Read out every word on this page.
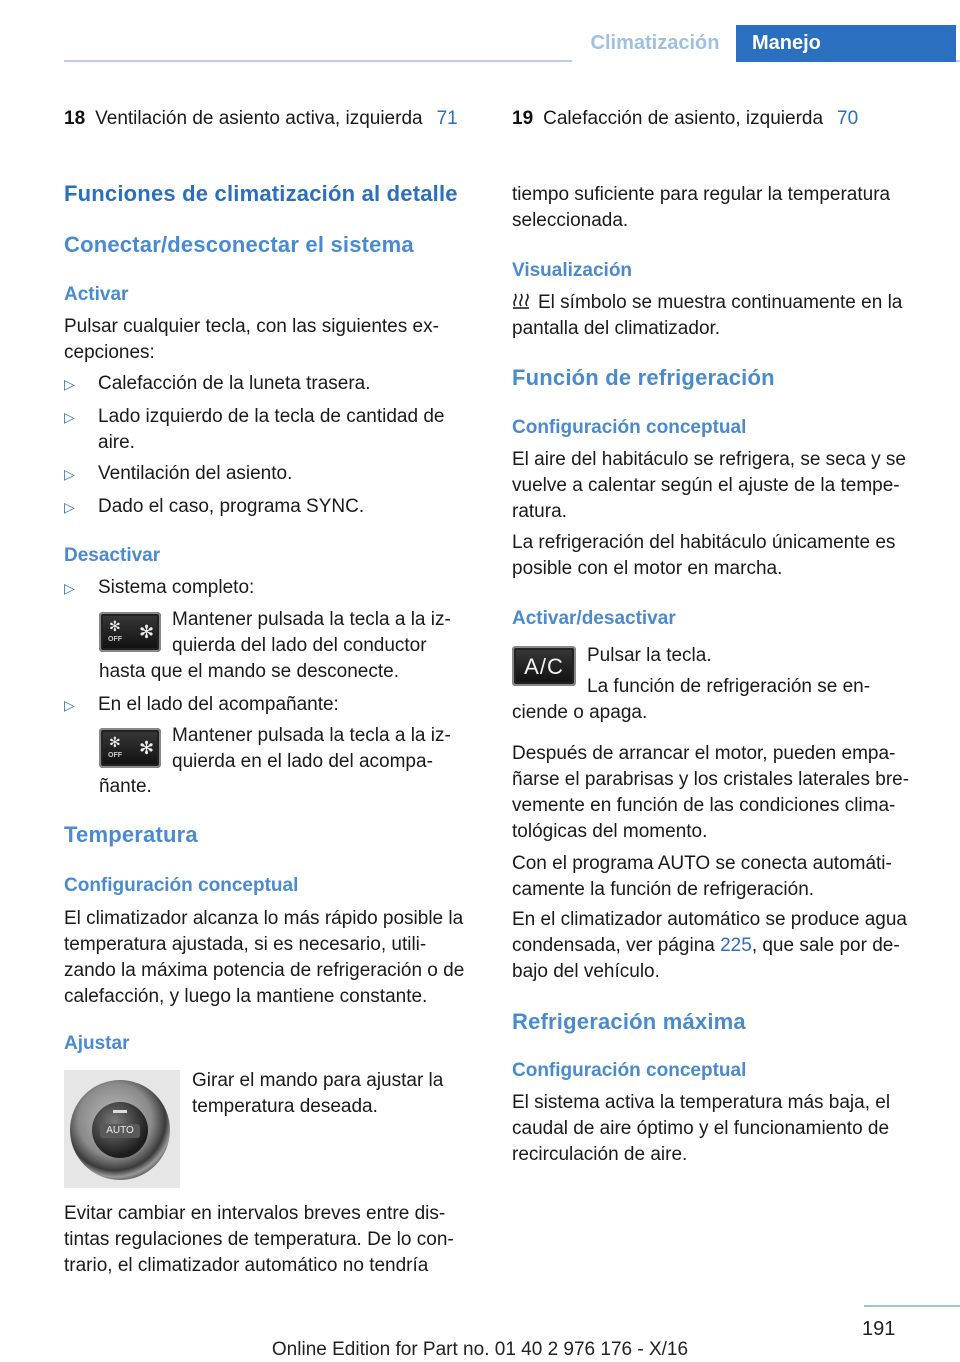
Climatización	Manejo
18 Ventilación de asiento activa, izquierda 71	19 Calefacción de asiento, izquierda 70
Funciones de climatización al detalle
Conectar/desconectar el sistema
Activar
Pulsar cualquier tecla, con las siguientes ex-
cepciones:
▷ Calefacción de la luneta trasera.
▷ Lado izquierdo de la tecla de cantidad de
aire.
▷ Ventilación del asiento.
▷ Dado el caso, programa SYNC.
Desactivar
▷ Sistema completo:
✻
OFF ✻
Mantener pulsada la tecla a la iz-
quierda del lado del conductor
hasta que el mando se desconecte.
▷ En el lado del acompañante:
✻
OFF ✻
Mantener pulsada la tecla a la iz-
quierda en el lado del acompa-
ñante.
Temperatura
Configuración conceptual
El climatizador alcanza lo más rápido posible la
temperatura ajustada, si es necesario, utili-
zando la máxima potencia de refrigeración o de
calefacción, y luego la mantiene constante.
Ajustar
AUTO
Girar el mando para ajustar la
temperatura deseada.
Evitar cambiar en intervalos breves entre dis-
tintas regulaciones de temperatura. De lo con-
trario, el climatizador automático no tendría
tiempo suficiente para regular la temperatura
seleccionada.
Visualización
El símbolo se muestra continuamente en la
pantalla del climatizador.
Función de refrigeración
Configuración conceptual
El aire del habitáculo se refrigera, se seca y se
vuelve a calentar según el ajuste de la tempe-
ratura.
La refrigeración del habitáculo únicamente es
posible con el motor en marcha.
Activar/desactivar
A/C	Pulsar la tecla.
La función de refrigeración se en-
ciende o apaga.
Después de arrancar el motor, pueden empa-
ñarse el parabrisas y los cristales laterales bre-
vemente en función de las condiciones clima-
tológicas del momento.
Con el programa AUTO se conecta automáti-
camente la función de refrigeración.
En el climatizador automático se produce agua
condensada, ver página 225, que sale por de-
bajo del vehículo.
Refrigeración máxima
Configuración conceptual
El sistema activa la temperatura más baja, el
caudal de aire óptimo y el funcionamiento de
recirculación de aire.
191
Online Edition for Part no. 01 40 2 976 176 - X/16
